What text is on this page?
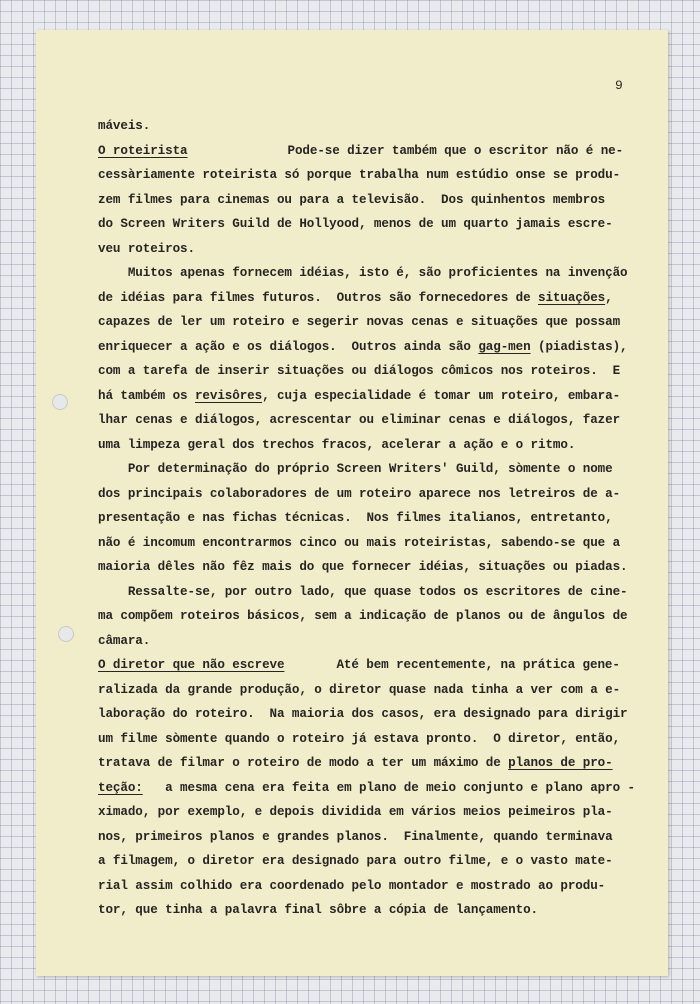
9
máveis.
O roteirista	Pode-se dizer também que o escritor não é ne-
cessàriamente roteirista só porque trabalha num estúdio onse se produ-
zem filmes para cinemas ou para a televisão.  Dos quinhentos membros
do Screen Writers Guild de Hollyood, menos de um quarto jamais escre-
veu roteiros.
Muitos apenas fornecem idéias, isto é, são proficientes na invenção
de idéias para filmes futuros.  Outros são fornecedores de situações,
capazes de ler um roteiro e segerir novas cenas e situações que possam
enriquecer a ação e os diálogos.  Outros ainda são gag-men (piadistas),
com a tarefa de inserir situações ou diálogos cômicos nos roteiros.  E
há também os revisôres, cuja especialidade é tomar um roteiro, embara-
lhar cenas e diálogos, acrescentar ou eliminar cenas e diálogos, fazer
uma limpeza geral dos trechos fracos, acelerar a ação e o ritmo.
Por determinação do próprio Screen Writers' Guild, sòmente o nome
dos principais colaboradores de um roteiro aparece nos letreiros de a-
presentação e nas fichas técnicas.  Nos filmes italianos, entretanto,
não é incomum encontrarmos cinco ou mais roteiristas, sabendo-se que a
maioria dêles não fêz mais do que fornecer idéias, situações ou piadas.
Ressalte-se, por outro lado, que quase todos os escritores de cine-
ma compõem roteiros básicos, sem a indicação de planos ou de ângulos de
câmara.
O diretor que não escreve	Até bem recentemente, na prática gene-
ralizada da grande produção, o diretor quase nada tinha a ver com a e-
laboração do roteiro.  Na maioria dos casos, era designado para dirigir
um filme sòmente quando o roteiro já estava pronto.  O diretor, então,
tratava de filmar o roteiro de modo a ter um máximo de planos de pro-
teção:   a mesma cena era feita em plano de meio conjunto e plano apro -
ximado, por exemplo, e depois dividida em vários meios peimeiros pla-
nos, primeiros planos e grandes planos.  Finalmente, quando terminava
a filmagem, o diretor era designado para outro filme, e o vasto mate-
rial assim colhido era coordenado pelo montador e mostrado ao produ-
tor, que tinha a palavra final sôbre a cópia de lançamento.
